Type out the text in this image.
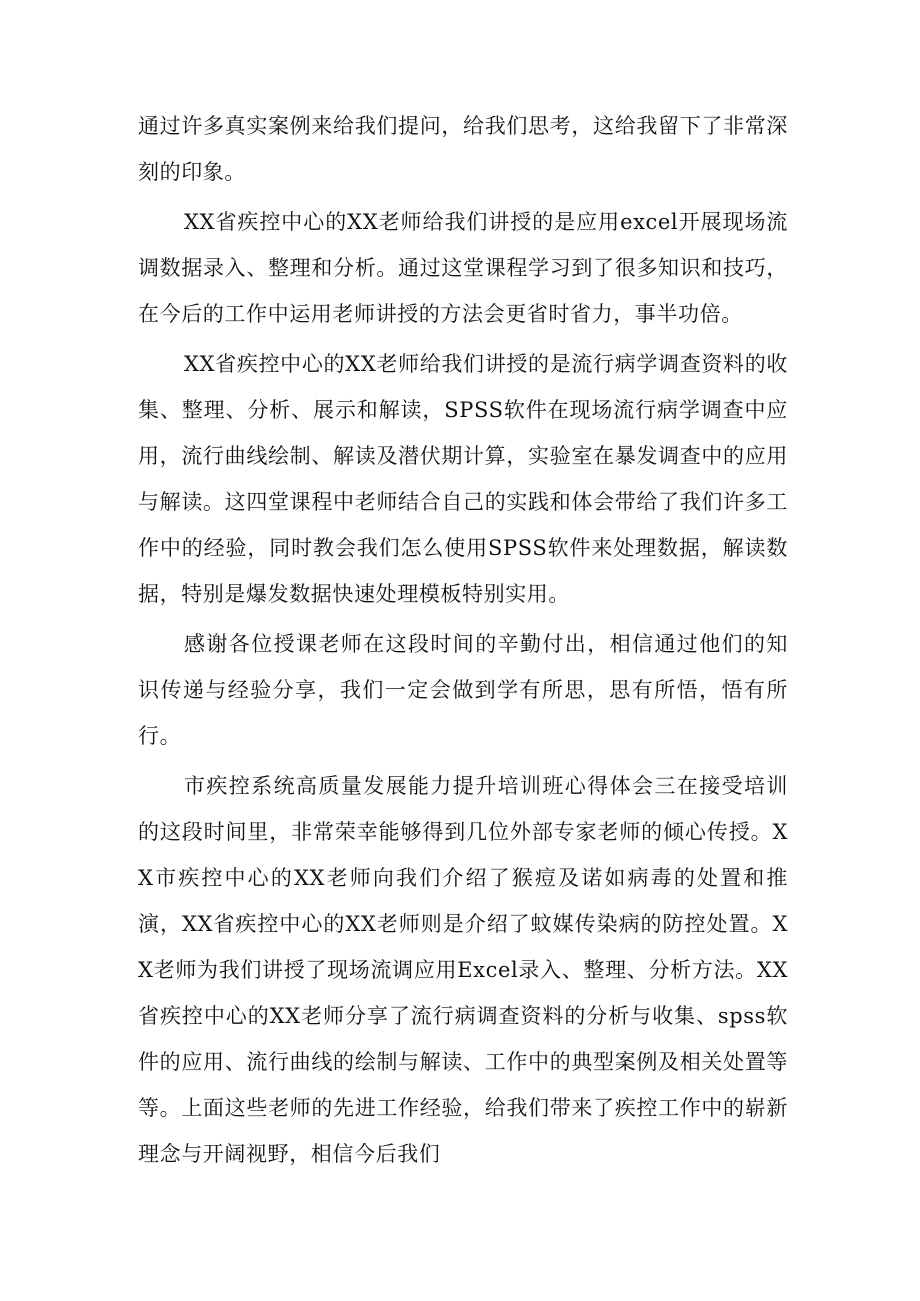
通过许多真实案例来给我们提问，给我们思考，这给我留下了非常深刻的印象。

XX省疾控中心的XX老师给我们讲授的是应用excel开展现场流调数据录入、整理和分析。通过这堂课程学习到了很多知识和技巧，在今后的工作中运用老师讲授的方法会更省时省力，事半功倍。

XX省疾控中心的XX老师给我们讲授的是流行病学调查资料的收集、整理、分析、展示和解读，SPSS软件在现场流行病学调查中应用，流行曲线绘制、解读及潜伏期计算，实验室在暴发调查中的应用与解读。这四堂课程中老师结合自己的实践和体会带给了我们许多工作中的经验，同时教会我们怎么使用SPSS软件来处理数据，解读数据，特别是爆发数据快速处理模板特别实用。

感谢各位授课老师在这段时间的辛勤付出，相信通过他们的知识传递与经验分享，我们一定会做到学有所思，思有所悟，悟有所行。

市疾控系统高质量发展能力提升培训班心得体会三在接受培训的这段时间里，非常荣幸能够得到几位外部专家老师的倾心传授。XX市疾控中心的XX老师向我们介绍了猴痘及诺如病毒的处置和推演，XX省疾控中心的XX老师则是介绍了蚊媒传染病的防控处置。XX老师为我们讲授了现场流调应用Excel录入、整理、分析方法。XX省疾控中心的XX老师分享了流行病调查资料的分析与收集、spss软件的应用、流行曲线的绘制与解读、工作中的典型案例及相关处置等等。上面这些老师的先进工作经验，给我们带来了疾控工作中的崭新理念与开阔视野，相信今后我们
